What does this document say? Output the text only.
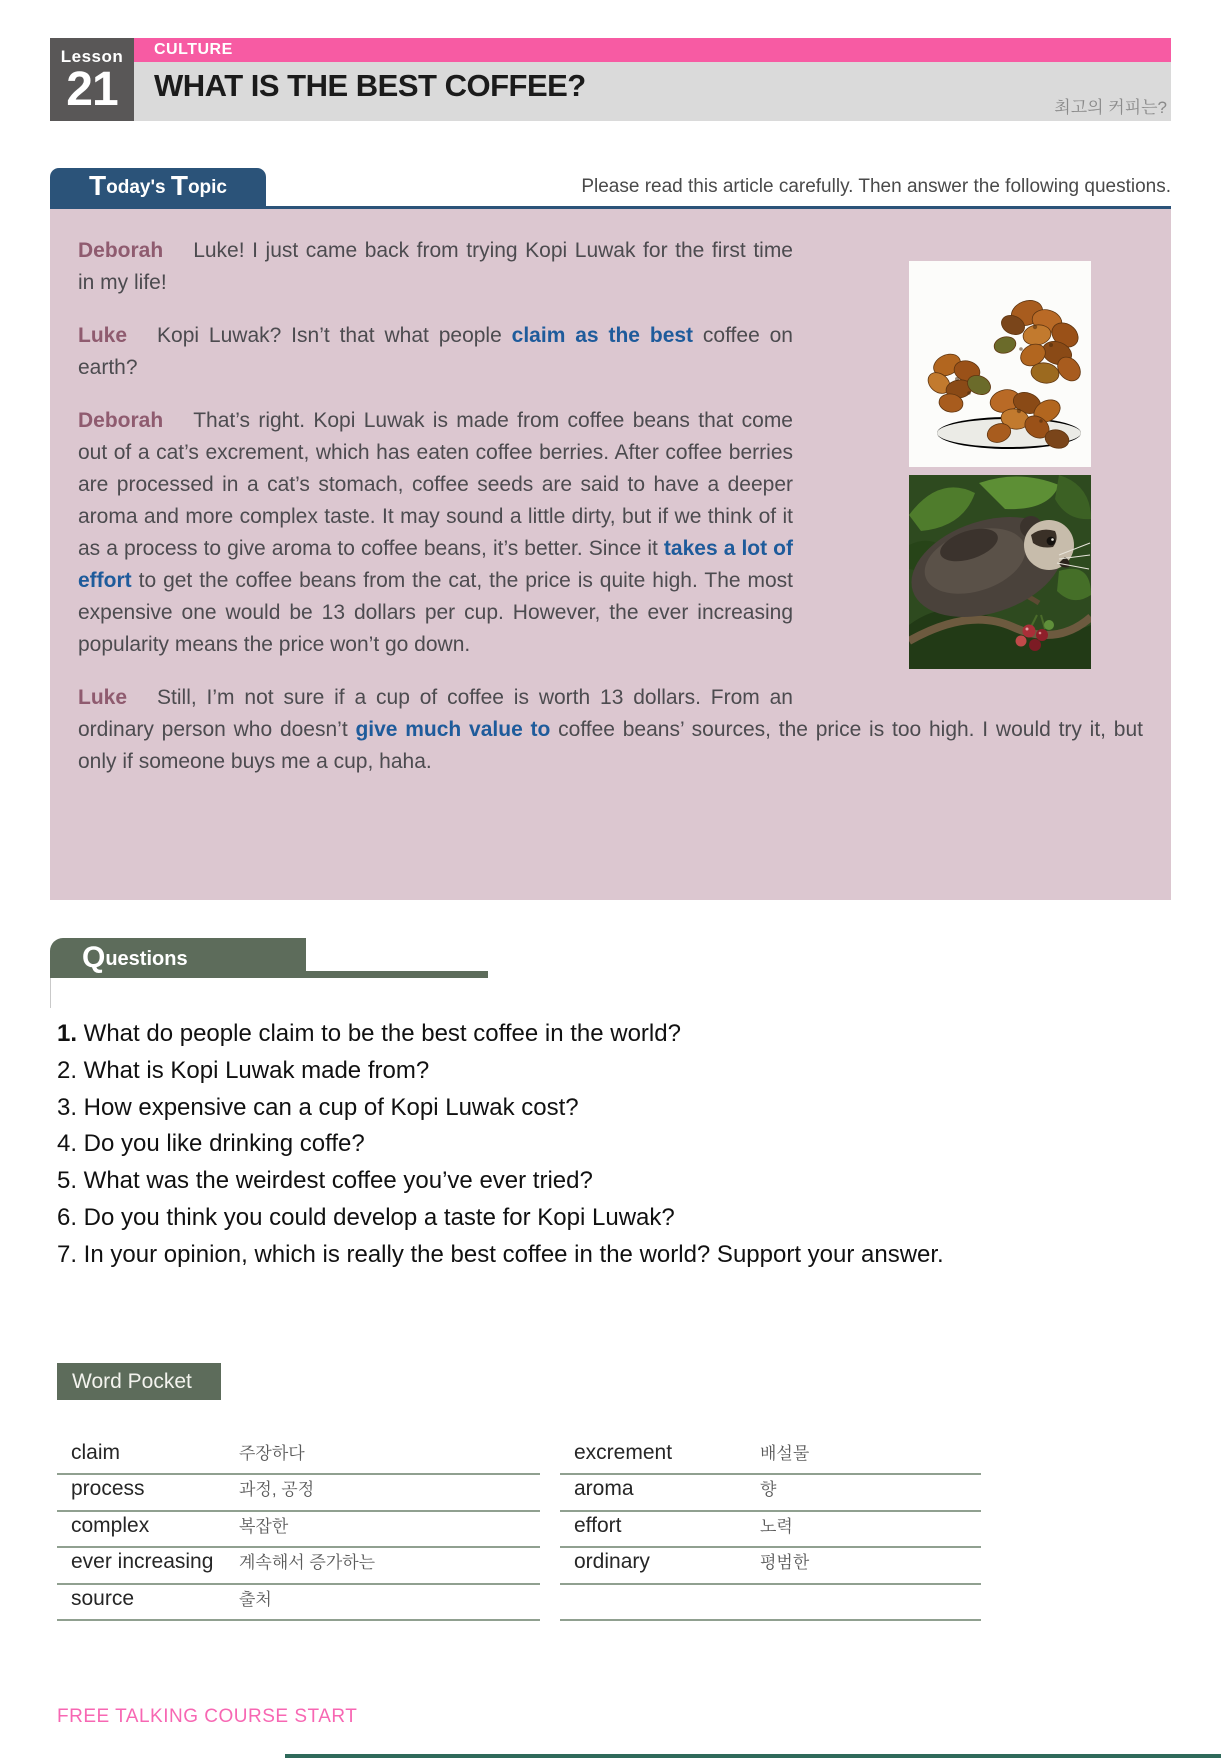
Lesson
21
CULTURE
WHAT IS THE BEST COFFEE?
최고의 커피는?
Today's Topic	Please read this article carefully. Then answer the following questions.

Deborah Luke! I just came back from trying Kopi Luwak for the first time in my life!

Luke Kopi Luwak? Isn’t that what people claim as the best coffee on earth?

Deborah That’s right. Kopi Luwak is made from coffee beans that come out of a cat’s excrement, which has eaten coffee berries. After coffee berries are processed in a cat’s stomach, coffee seeds are said to have a deeper aroma and more complex taste. It may sound a little dirty, but if we think of it as a process to give aroma to coffee beans, it’s better. Since it takes a lot of effort to get the coffee beans from the cat, the price is quite high. The most expensive one would be 13 dollars per cup. However, the ever increasing popularity means the price won’t go down.

Luke Still, I’m not sure if a cup of coffee is worth 13 dollars. From an ordinary person who doesn’t give much value to coffee beans’ sources, the price is too high. I would try it, but only if someone buys me a cup, haha.

Questions
1. What do people claim to be the best coffee in the world?
2. What is Kopi Luwak made from?
3. How expensive can a cup of Kopi Luwak cost?
4. Do you like drinking coffe?
5. What was the weirdest coffee you’ve ever tried?
6. Do you think you could develop a taste for Kopi Luwak?
7. In your opinion, which is really the best coffee in the world? Support your answer.
Word Pocket
claim	주장하다
process	과정, 공정
complex	복잡한
ever increasing	계속해서 증가하는
source	출처
excrement	배설물
aroma	향
effort	노력
ordinary	평범한
FREE TALKING COURSE START
